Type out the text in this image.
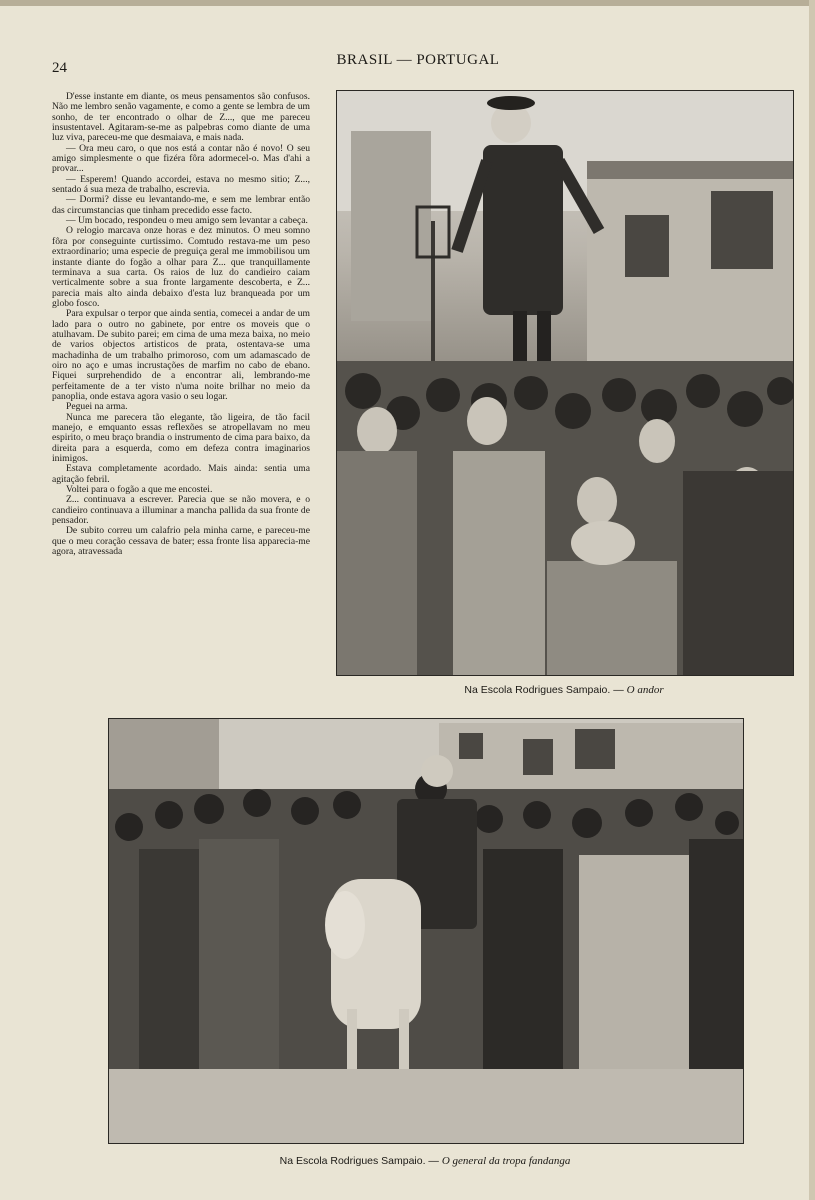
24	BRASIL — PORTUGAL

D'esse instante em diante, os meus pensamentos são confusos. Não me lembro senão vagamente, e como a gente se lembra de um sonho, de ter encontrado o olhar de Z..., que me pareceu insustentavel. Agitaram-se-me as palpebras como diante de uma luz viva, pareceu-me que desmaiava, e mais nada.

— Ora meu caro, o que nos está a contar não é novo! O seu amigo simplesmente o que fizéra fôra adormecel-o. Mas d'ahi a provar...

— Esperem! Quando accordei, estava no mesmo sitio; Z..., sentado á sua meza de trabalho, escrevia.

— Dormi? disse eu levantando-me, e sem me lembrar então das circumstancias que tinham precedido esse facto.

— Um bocado, respondeu o meu amigo sem levantar a cabeça.

O relogio marcava onze horas e dez minutos. O meu somno fôra por conseguinte curtissimo. Comtudo restava-me um peso extraordinario; uma especie de preguiça geral me immobilisou um instante diante do fogão a olhar para Z... que tranquillamente terminava a sua carta. Os raios de luz do candieiro caiam verticalmente sobre a sua fronte largamente descoberta, e Z... parecia mais alto ainda debaixo d'esta luz branqueada por um globo fosco.

Para expulsar o terpor que ainda sentia, comecei a andar de um lado para o outro no gabinete, por entre os moveis que o atulhavam. De subito parei; em cima de uma meza baixa, no meio de varios objectos artisticos de prata, ostentava-se uma machadinha de um trabalho primoroso, com um adamascado de oiro no aço e umas incrustações de marfim no cabo de ebano. Fiquei surprehendido de a encontrar ali, lembrando-me perfeitamente de a ter visto n'uma noite brilhar no meio da panoplia, onde estava agora vasio o seu logar.

Peguei na arma.

Nunca me parecera tão elegante, tão ligeira, de tão facil manejo, e emquanto essas reflexões se atropellavam no meu espirito, o meu braço brandia o instrumento de cima para baixo, da direita para a esquerda, como em defeza contra imaginarios inimigos.

Estava completamente acordado. Mais ainda: sentia uma agitação febril.

Voltei para o fogão a que me encostei.

Z... continuava a escrever. Parecia que se não movera, e o candieiro continuava a illuminar a mancha pallida da sua fronte de pensador.

De subito correu um calafrio pela minha carne, e pareceu-me que o meu coração cessava de bater; essa fronte lisa apparecia-me agora, atravessada

Na Escola Rodrigues Sampaio. — O andor
Na Escola Rodrigues Sampaio. — O general da tropa fandanga
